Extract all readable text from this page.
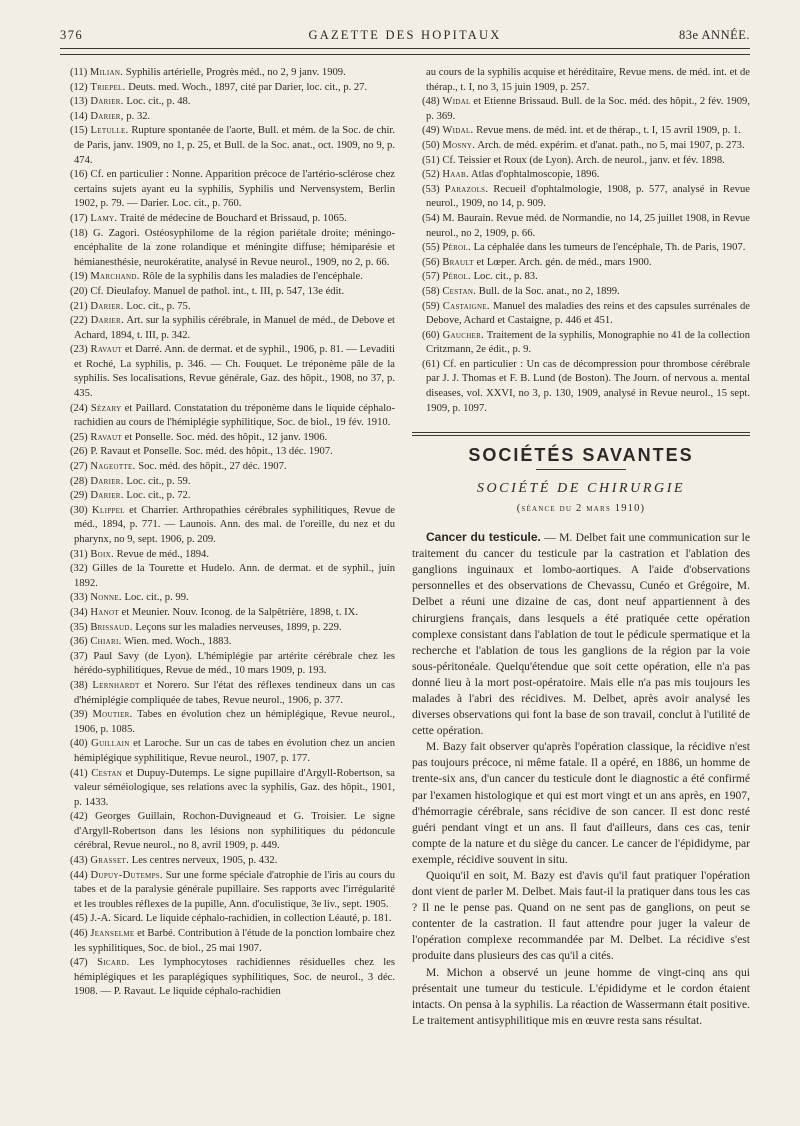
376	GAZETTE DES HOPITAUX	83e ANNÉE.

(11) Milian. Syphilis artérielle, Progrès méd., no 2, 9 janv. 1909.

(12) Triepel. Deuts. med. Woch., 1897, cité par Darier, loc. cit., p. 27.

(13) Darier. Loc. cit., p. 48.

(14) Darier, p. 32.

(15) Letulle. Rupture spontanée de l'aorte, Bull. et mém. de la Soc. de chir. de Paris, janv. 1909, no 1, p. 25, et Bull. de la Soc. anat., oct. 1909, no 9, p. 474.

(16) Cf. en particulier : Nonne. Apparition précoce de l'artério-sclérose chez certains sujets ayant eu la syphilis, Syphilis und Nervensystem, Berlin 1902, p. 79. — Darier. Loc. cit., p. 760.

(17) Lamy. Traité de médecine de Bouchard et Brissaud, p. 1065.

(18) G. Zagori. Ostéosyphilome de la région pariétale droite; méningo-encéphalite de la zone rolandique et méningite diffuse; hémiparésie et hémianesthésie, neurokératite, analysé in Revue neurol., 1909, no 2, p. 66.

(19) Marchand. Rôle de la syphilis dans les maladies de l'encéphale.

(20) Cf. Dieulafoy. Manuel de pathol. int., t. III, p. 547, 13e édit.

(21) Darier. Loc. cit., p. 75.

(22) Darier. Art. sur la syphilis cérébrale, in Manuel de méd., de Debove et Achard, 1894, t. III, p. 342.

(23) Ravaut et Darré. Ann. de dermat. et de syphil., 1906, p. 81. — Levaditi et Roché, La syphilis, p. 346. — Ch. Fouquet. Le tréponème pâle de la syphilis. Ses localisations, Revue générale, Gaz. des hôpit., 1908, no 37, p. 435.

(24) Sézary et Paillard. Constatation du tréponème dans le liquide céphalo-rachidien au cours de l'hémiplégie syphilitique, Soc. de biol., 19 fév. 1910.

(25) Ravaut et Ponselle. Soc. méd. des hôpit., 12 janv. 1906.

(26) P. Ravaut et Ponselle. Soc. méd. des hôpit., 13 déc. 1907.

(27) Nageotte. Soc. méd. des hôpit., 27 déc. 1907.

(28) Darier. Loc. cit., p. 59.

(29) Darier. Loc. cit., p. 72.

(30) Klippel et Charrier. Arthropathies cérébrales syphilitiques, Revue de méd., 1894, p. 771. — Launois. Ann. des mal. de l'oreille, du nez et du pharynx, no 9, sept. 1906, p. 209.

(31) Boix. Revue de méd., 1894.

(32) Gilles de la Tourette et Hudelo. Ann. de dermat. et de syphil., juin 1892.

(33) Nonne. Loc. cit., p. 99.

(34) Hanot et Meunier. Nouv. Iconog. de la Salpêtrière, 1898, t. IX.

(35) Brissaud. Leçons sur les maladies nerveuses, 1899, p. 229.

(36) Chiari. Wien. med. Woch., 1883.

(37) Paul Savy (de Lyon). L'hémiplégie par artérite cérébrale chez les hérédo-syphilitiques, Revue de méd., 10 mars 1909, p. 193.

(38) Lernhardt et Norero. Sur l'état des réflexes tendineux dans un cas d'hémiplégie compliquée de tabes, Revue neurol., 1906, p. 377.

(39) Moutier. Tabes en évolution chez un hémiplégique, Revue neurol., 1906, p. 1085.

(40) Guillain et Laroche. Sur un cas de tabes en évolution chez un ancien hémiplégique syphilitique, Revue neurol., 1907, p. 177.

(41) Cestan et Dupuy-Dutemps. Le signe pupillaire d'Argyll-Robertson, sa valeur séméiologique, ses relations avec la syphilis, Gaz. des hôpit., 1901, p. 1433.

(42) Georges Guillain, Rochon-Duvigneaud et G. Troisier. Le signe d'Argyll-Robertson dans les lésions non syphilitiques du pédoncule cérébral, Revue neurol., no 8, avril 1909, p. 449.

(43) Grasset. Les centres nerveux, 1905, p. 432.

(44) Dupuy-Dutemps. Sur une forme spéciale d'atrophie de l'iris au cours du tabes et de la paralysie générale pupillaire. Ses rapports avec l'irrégularité et les troubles réflexes de la pupille, Ann. d'oculistique, 3e liv., sept. 1905.

(45) J.-A. Sicard. Le liquide céphalo-rachidien, in collection Léauté, p. 181.

(46) Jeanselme et Barbé. Contribution à l'étude de la ponction lombaire chez les syphilitiques, Soc. de biol., 25 mai 1907.

(47) Sicard. Les lymphocytoses rachidiennes résiduelles chez les hémiplégiques et les paraplégiques syphilitiques, Soc. de neurol., 3 déc. 1908. — P. Ravaut. Le liquide céphalo-rachidien

au cours de la syphilis acquise et héréditaire, Revue mens. de méd. int. et de thérap., t. I, no 3, 15 juin 1909, p. 257.

(48) Widal et Etienne Brissaud. Bull. de la Soc. méd. des hôpit., 2 fév. 1909, p. 369.

(49) Widal. Revue mens. de méd. int. et de thérap., t. I, 15 avril 1909, p. 1.

(50) Mosny. Arch. de méd. expérim. et d'anat. path., no 5, mai 1907, p. 273.

(51) Cf. Teissier et Roux (de Lyon). Arch. de neurol., janv. et fév. 1898.

(52) Haab. Atlas d'ophtalmoscopie, 1896.

(53) Parazols. Recueil d'ophtalmologie, 1908, p. 577, analysé in Revue neurol., 1909, no 14, p. 909.

(54) M. Baurain. Revue méd. de Normandie, no 14, 25 juillet 1908, in Revue neurol., no 2, 1909, p. 66.

(55) Pérol. La céphalée dans les tumeurs de l'encéphale, Th. de Paris, 1907.

(56) Brault et Lœper. Arch. gén. de méd., mars 1900.

(57) Pérol. Loc. cit., p. 83.

(58) Cestan. Bull. de la Soc. anat., no 2, 1899.

(59) Castaigne. Manuel des maladies des reins et des capsules surrénales de Debove, Achard et Castaigne, p. 446 et 451.

(60) Gaucher. Traitement de la syphilis, Monographie no 41 de la collection Critzmann, 2e édit., p. 9.

(61) Cf. en particulier : Un cas de décompression pour thrombose cérébrale par J. J. Thomas et F. B. Lund (de Boston). The Journ. of nervous a. mental diseases, vol. XXVI, no 3, p. 130, 1909, analysé in Revue neurol., 15 sept. 1909, p. 1097.

SOCIÉTÉS SAVANTES
SOCIÉTÉ DE CHIRURGIE
(séance du 2 mars 1910)

Cancer du testicule. — M. Delbet fait une communication sur le traitement du cancer du testicule par la castration et l'ablation des ganglions inguinaux et lombo-aortiques. A l'aide d'observations personnelles et des observations de Chevassu, Cunéo et Grégoire, M. Delbet a réuni une dizaine de cas, dont neuf appartiennent à des chirurgiens français, dans lesquels a été pratiquée cette opération complexe consistant dans l'ablation de tout le pédicule spermatique et la recherche et l'ablation de tous les ganglions de la région par la voie sous-péritonéale. Quelqu'étendue que soit cette opération, elle n'a pas donné lieu à la mort post-opératoire. Mais elle n'a pas mis toujours les malades à l'abri des récidives. M. Delbet, après avoir analysé les diverses observations qui font la base de son travail, conclut à l'utilité de cette opération.

M. Bazy fait observer qu'après l'opération classique, la récidive n'est pas toujours précoce, ni même fatale. Il a opéré, en 1886, un homme de trente-six ans, d'un cancer du testicule dont le diagnostic a été confirmé par l'examen histologique et qui est mort vingt et un ans après, en 1907, d'hémorragie cérébrale, sans récidive de son cancer. Il est donc resté guéri pendant vingt et un ans. Il faut d'ailleurs, dans ces cas, tenir compte de la nature et du siège du cancer. Le cancer de l'épididyme, par exemple, récidive souvent in situ.

Quoiqu'il en soit, M. Bazy est d'avis qu'il faut pratiquer l'opération dont vient de parler M. Delbet. Mais faut-il la pratiquer dans tous les cas ? Il ne le pense pas. Quand on ne sent pas de ganglions, on peut se contenter de la castration. Il faut attendre pour juger la valeur de l'opération complexe recommandée par M. Delbet. La récidive s'est produite dans plusieurs des cas qu'il a cités.

M. Michon a observé un jeune homme de vingt-cinq ans qui présentait une tumeur du testicule. L'épididyme et le cordon étaient intacts. On pensa à la syphilis. La réaction de Wassermann était positive. Le traitement antisyphilitique mis en œuvre resta sans résultat.
